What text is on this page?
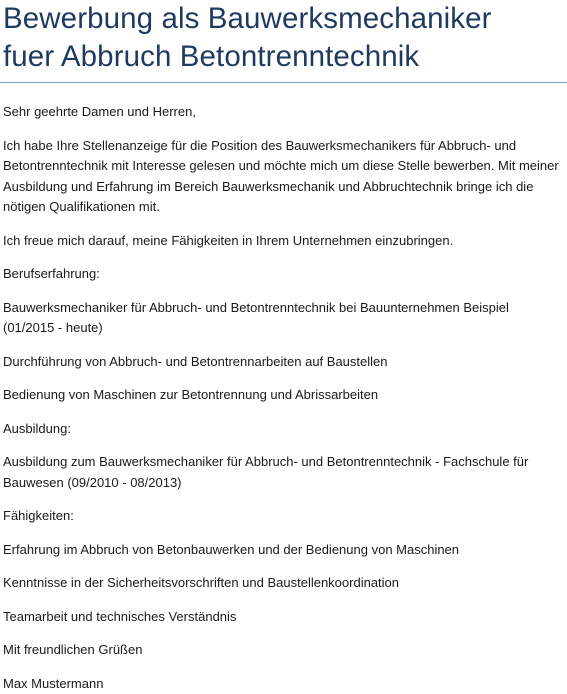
Bewerbung als Bauwerksmechaniker
fuer Abbruch Betontrenntechnik

Sehr geehrte Damen und Herren,

Ich habe Ihre Stellenanzeige für die Position des Bauwerksmechanikers für Abbruch- und Betontrenntechnik mit Interesse gelesen und möchte mich um diese Stelle bewerben. Mit meiner Ausbildung und Erfahrung im Bereich Bauwerksmechanik und Abbruchtechnik bringe ich die nötigen Qualifikationen mit.

Ich freue mich darauf, meine Fähigkeiten in Ihrem Unternehmen einzubringen.

Berufserfahrung:

Bauwerksmechaniker für Abbruch- und Betontrenntechnik bei Bauunternehmen Beispiel (01/2015 - heute)

Durchführung von Abbruch- und Betontrennarbeiten auf Baustellen

Bedienung von Maschinen zur Betontrennung und Abrissarbeiten

Ausbildung:

Ausbildung zum Bauwerksmechaniker für Abbruch- und Betontrenntechnik - Fachschule für Bauwesen (09/2010 - 08/2013)

Fähigkeiten:

Erfahrung im Abbruch von Betonbauwerken und der Bedienung von Maschinen

Kenntnisse in der Sicherheitsvorschriften und Baustellenkoordination

Teamarbeit und technisches Verständnis

Mit freundlichen Grüßen

Max Mustermann
